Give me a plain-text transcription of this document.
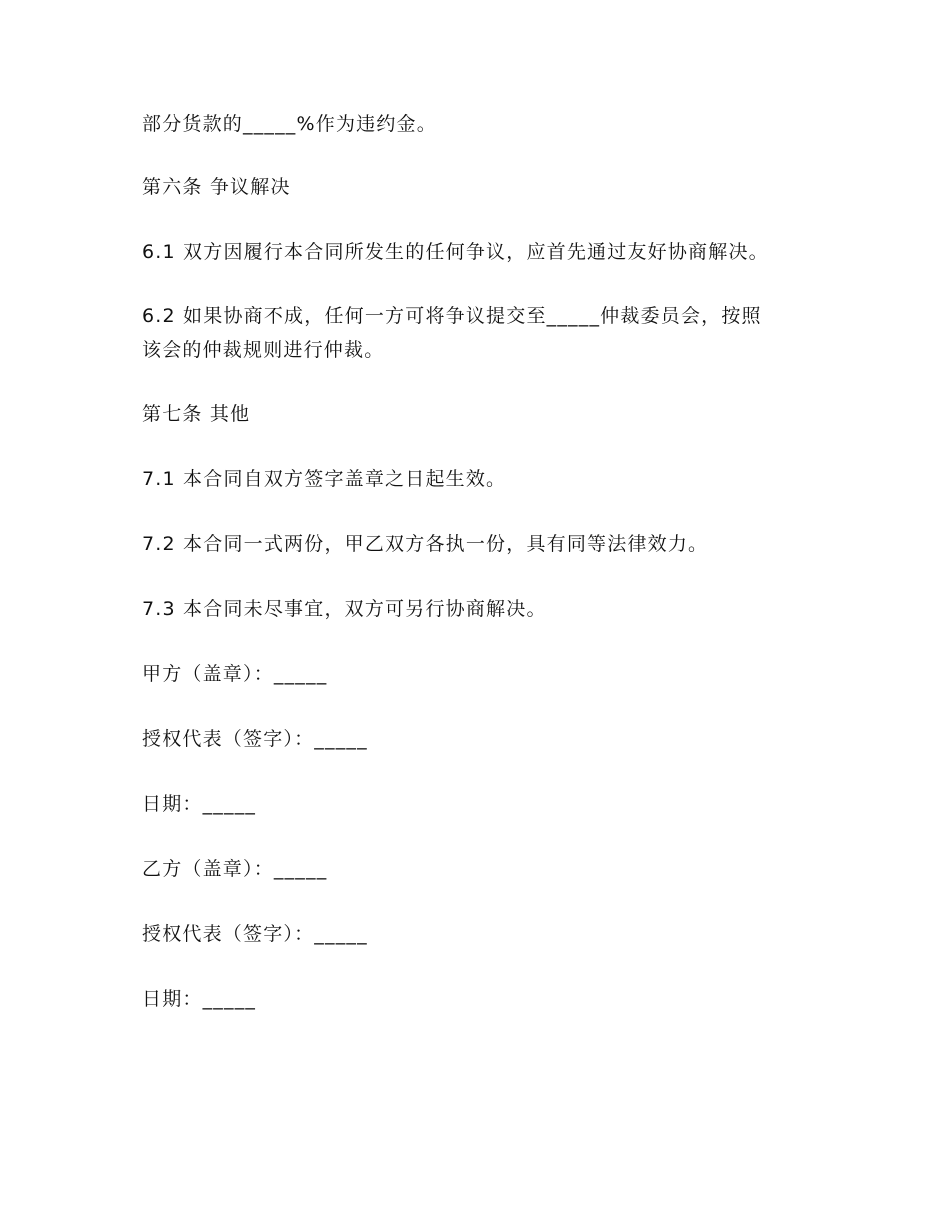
部分货款的_____%作为违约金。
第六条 争议解决
6.1 双方因履行本合同所发生的任何争议，应首先通过友好协商解决。
6.2 如果协商不成，任何一方可将争议提交至_____仲裁委员会，按照
该会的仲裁规则进行仲裁。
第七条 其他
7.1 本合同自双方签字盖章之日起生效。
7.2 本合同一式两份，甲乙双方各执一份，具有同等法律效力。
7.3 本合同未尽事宜，双方可另行协商解决。
甲方（盖章）：_____
授权代表（签字）：_____
日期：_____
乙方（盖章）：_____
授权代表（签字）：_____
日期：_____
